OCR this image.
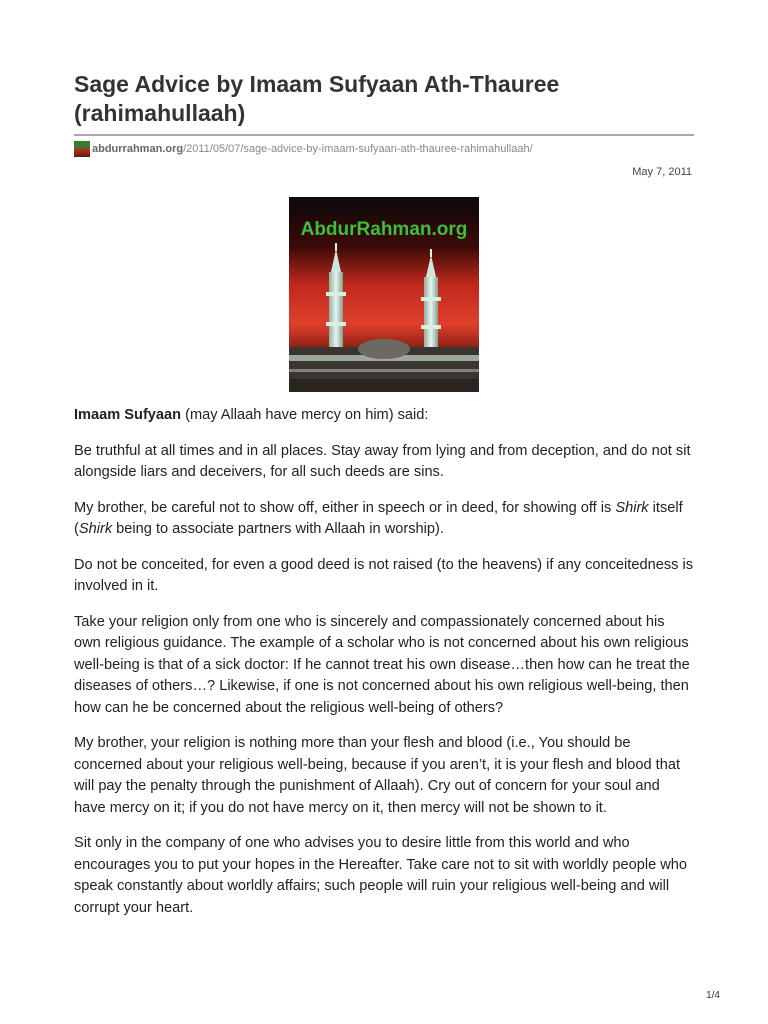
Sage Advice by Imaam Sufyaan Ath-Thauree (rahimahullaah)
abdurrahman.org/2011/05/07/sage-advice-by-imaam-sufyaan-ath-thauree-rahimahullaah/
May 7, 2011
AbdurRahman.org

Imaam Sufyaan (may Allaah have mercy on him) said:

Be truthful at all times and in all places. Stay away from lying and from deception, and do not sit alongside liars and deceivers, for all such deeds are sins.

My brother, be careful not to show off, either in speech or in deed, for showing off is Shirk itself (Shirk being to associate partners with Allaah in worship).

Do not be conceited, for even a good deed is not raised (to the heavens) if any conceitedness is involved in it.

Take your religion only from one who is sincerely and compassionately concerned about his own religious guidance. The example of a scholar who is not concerned about his own religious well-being is that of a sick doctor: If he cannot treat his own disease…then how can he treat the diseases of others…? Likewise, if one is not concerned about his own religious well-being, then how can he be concerned about the religious well-being of others?

My brother, your religion is nothing more than your flesh and blood (i.e., You should be concerned about your religious well-being, because if you aren’t, it is your flesh and blood that will pay the penalty through the punishment of Allaah). Cry out of concern for your soul and have mercy on it; if you do not have mercy on it, then mercy will not be shown to it.

Sit only in the company of one who advises you to desire little from this world and who encourages you to put your hopes in the Hereafter. Take care not to sit with worldly people who speak constantly about worldly affairs; such people will ruin your religious well-being and will corrupt your heart.

1/4
